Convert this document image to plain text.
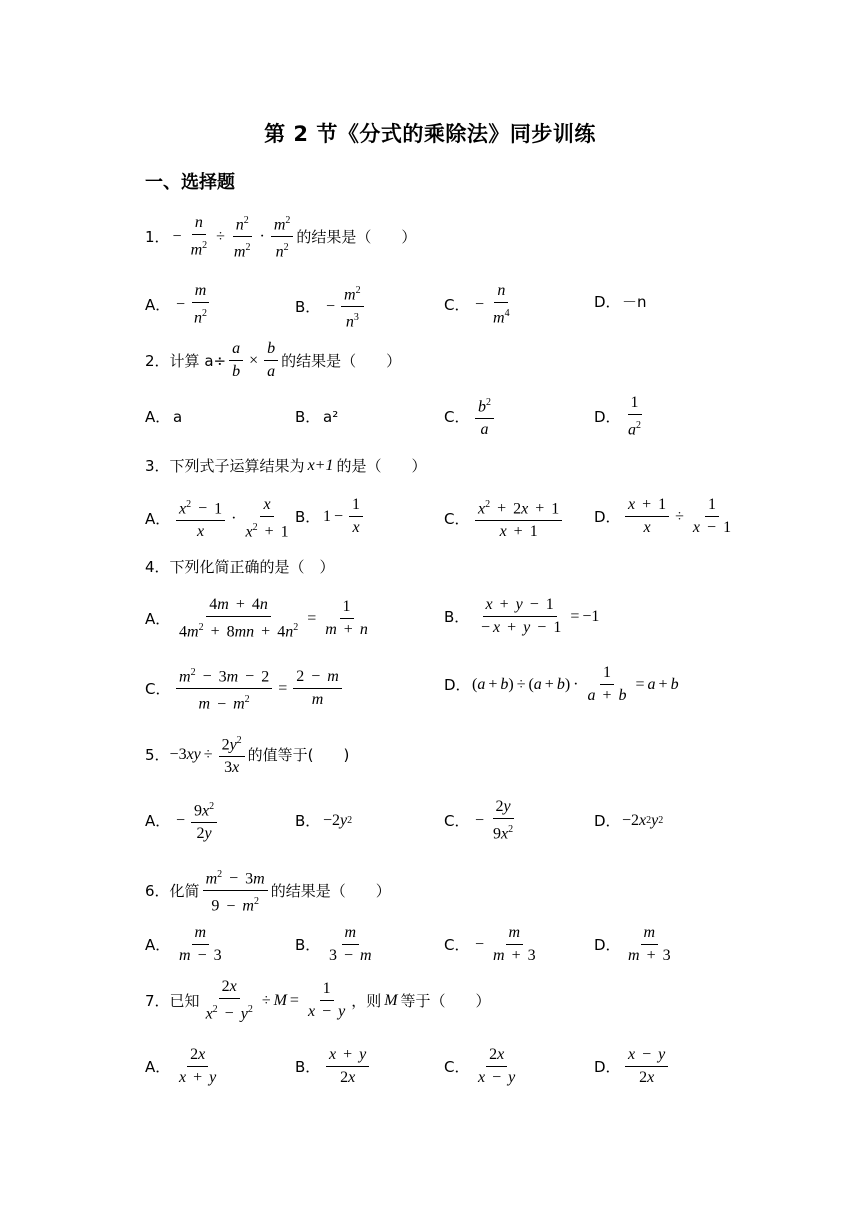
第 2 节《分式的乘除法》同步训练
一、选择题
1． − $\frac{n}{m^2} \div \frac{n^2}{m^2} \cdot \frac{m^2}{n^2}$ 的结果是（　　）
A． − $\frac{m}{n^2}$	B． − $\frac{m^2}{n^3}$	C． − $\frac{n}{m^4}$	D． －n
2． 计算 $a\div \frac{a}{b} \times \frac{b}{a}$ 的结果是（　　）
A． a	B． a²	C． $\frac{b^2}{a}$	D． $\frac{1}{a^2}$
3． 下列式子运算结果为 x+1 的是（　　）
A． $\frac{x^2 - 1}{x} \cdot \frac{x}{x^2 + 1}$ B． $1 - \frac{1}{x}$	C． $\frac{x^2 + 2x + 1}{x + 1}$ D． $\frac{x + 1}{x} \div \frac{1}{x - 1}$
4． 下列化简正确的是（　）
A． $\frac{4m + 4n}{4m^2 + 8mn + 4n^2} = \frac{1}{m + n}$	B． $\frac{x + y - 1}{- x + y - 1} = -1$
C． $\frac{m^2 - 3m - 2}{m - m^2} = \frac{2 - m}{m}$	D． ( a + b ) ÷ ( a + b ) · $\frac{1}{a + b} = a + b$
5． −3 xy ÷ $\frac{2y^2}{3x}$ 的值等于(　　)
A． − $\frac{9x^2}{2y}$	B． −2 y 2	C． − $\frac{2y}{9x^2}$	D． −2 x 2 y 2
6． 化简 $\frac{m^2 - 3m}{9 - m^2}$ 的结果是（　　）
A． $\frac{m}{m - 3}$	B． $\frac{m}{3 - m}$	C． − $\frac{m}{m + 3}$	D． $\frac{m}{m + 3}$
7． 已知 $\frac{2x}{x^2 - y^2} \div M = \frac{1}{x - y}$ ，则 M 等于（　　）
A． $\frac{2x}{x + y}$	B． $\frac{x + y}{2x}$	C． $\frac{2x}{x - y}$	D． $\frac{x - y}{2x}$
